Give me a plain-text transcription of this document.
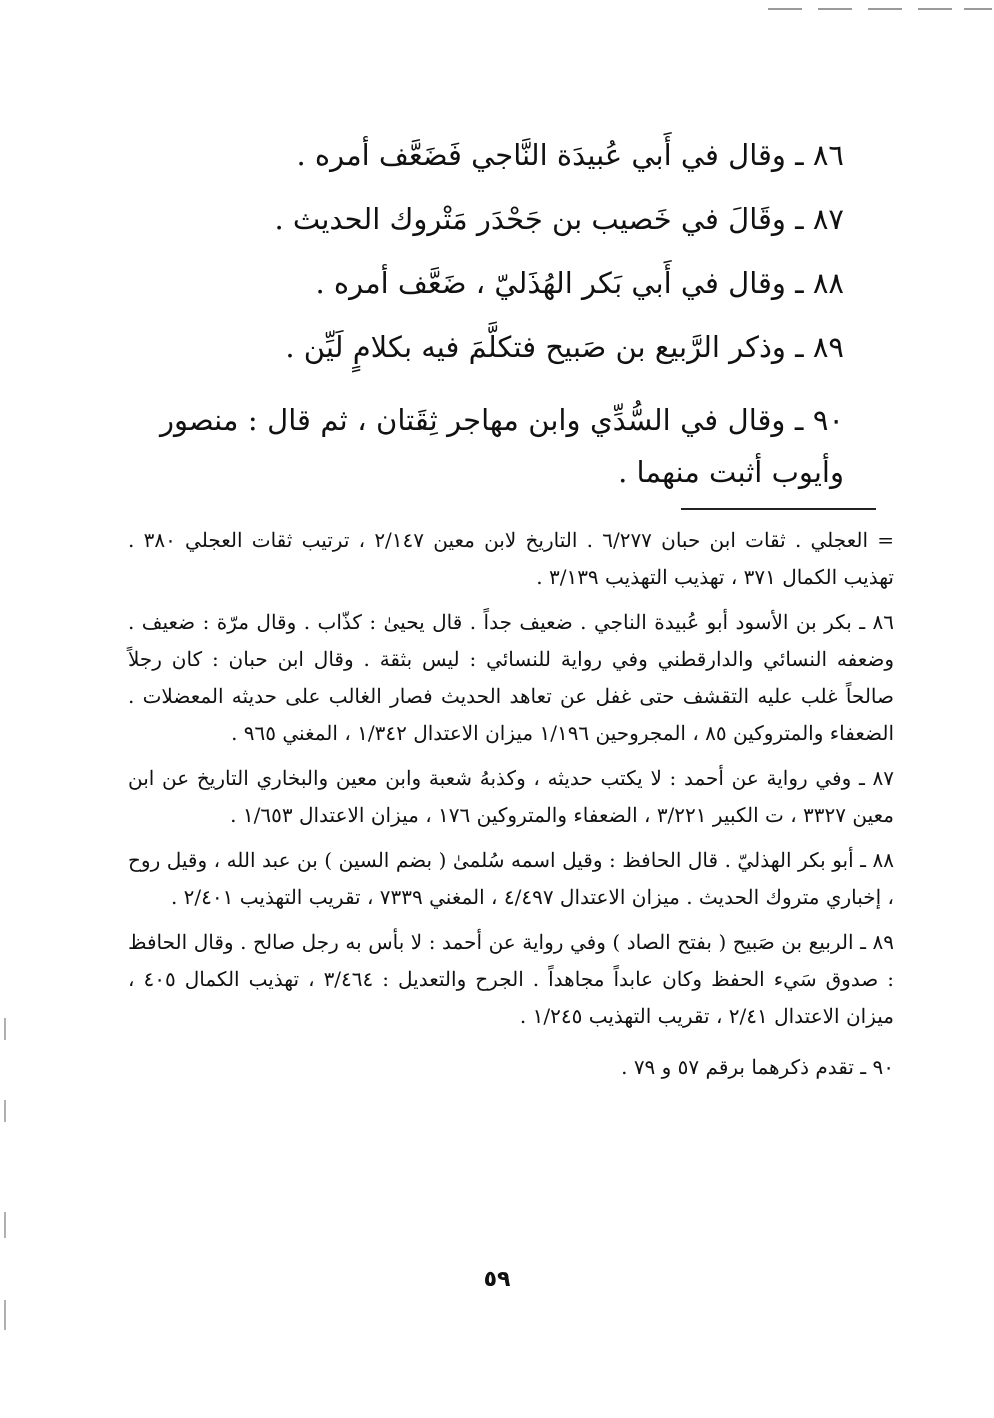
٨٦ ـ وقال في أَبي عُبيدَة النَّاجي فَضَعَّف أمره .

٨٧ ـ وقَالَ في خَصيب بن جَحْدَر مَتْروك الحديث .

٨٨ ـ وقال في أَبي بَكر الهُذَليّ ، ضَعَّف أمره .

٨٩ ـ وذكر الرَّبيع بن صَبيح فتكلَّمَ فيه بكلامٍ لَيِّن .

٩٠ ـ وقال في السُّدِّي وابن مهاجر ثِقَتان ، ثم قال : منصور وأيوب أثبت منهما .

= العجلي . ثقات ابن حبان ٦/٢٧٧ . التاريخ لابن معين ٢/١٤٧ ، ترتيب ثقات العجلي ٣٨٠ . تهذيب الكمال ٣٧١ ، تهذيب التهذيب ٣/١٣٩ .

٨٦ ـ بكر بن الأسود أبو عُبيدة الناجي . ضعيف جداً . قال يحيىٰ : كذّاب . وقال مرّة : ضعيف . وضعفه النسائي والدارقطني وفي رواية للنسائي : ليس بثقة . وقال ابن حبان : كان رجلاً صالحاً غلب عليه التقشف حتى غفل عن تعاهد الحديث فصار الغالب على حديثه المعضلات . الضعفاء والمتروكين ٨٥ ، المجروحين ١/١٩٦ ميزان الاعتدال ١/٣٤٢ ، المغني ٩٦٥ .

٨٧ ـ وفي رواية عن أحمد : لا يكتب حديثه ، وكذبهُ شعبة وابن معين والبخاري التاريخ عن ابن معين ٣٣٢٧ ، ت الكبير ٣/٢٢١ ، الضعفاء والمتروكين ١٧٦ ، ميزان الاعتدال ١/٦٥٣ .

٨٨ ـ أبو بكر الهذليّ . قال الحافظ : وقيل اسمه سُلمىٰ ( بضم السين ) بن عبد الله ، وقيل روح ، إخباري متروك الحديث . ميزان الاعتدال ٤/٤٩٧ ، المغني ٧٣٣٩ ، تقريب التهذيب ٢/٤٠١ .

٨٩ ـ الربيع بن صَبيح ( بفتح الصاد ) وفي رواية عن أحمد : لا بأس به رجل صالح . وقال الحافظ : صدوق سَيء الحفظ وكان عابداً مجاهداً . الجرح والتعديل : ٣/٤٦٤ ، تهذيب الكمال ٤٠٥ ، ميزان الاعتدال ٢/٤١ ، تقريب التهذيب ١/٢٤٥ .

٩٠ ـ تقدم ذكرهما برقم ٥٧ و ٧٩ .

٥٩
